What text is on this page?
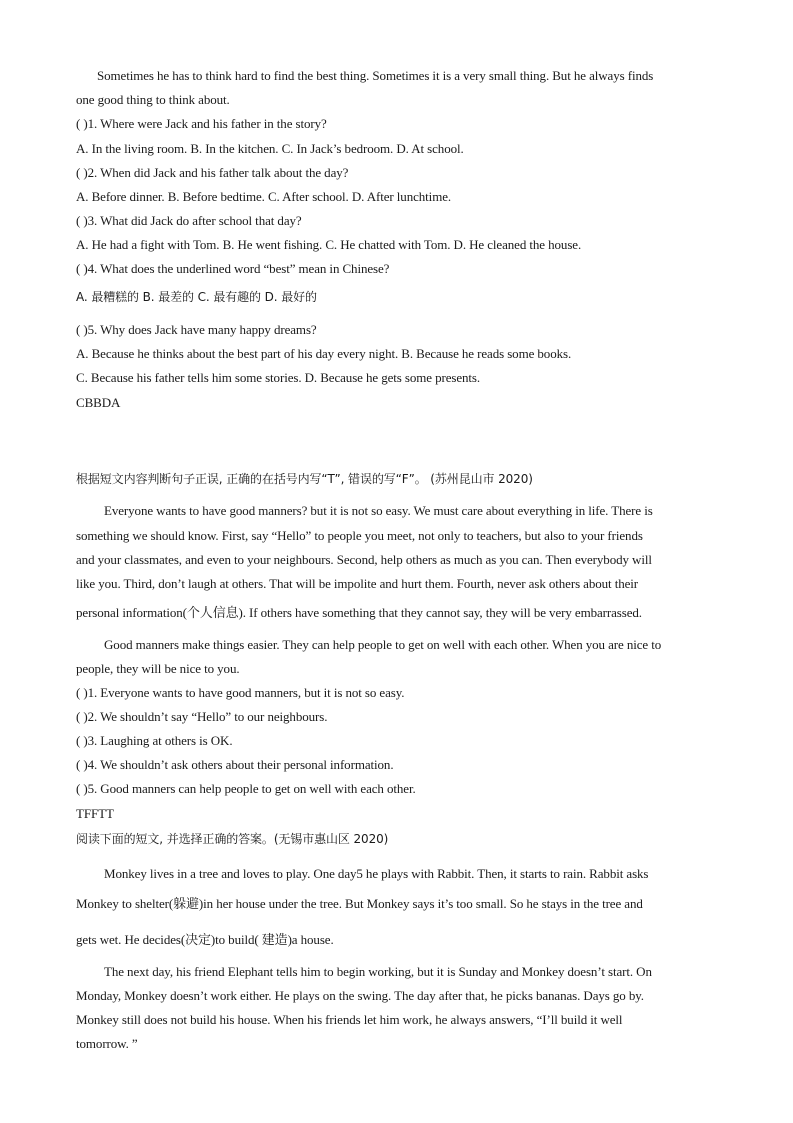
Sometimes he has to think hard to find the best thing. Sometimes it is a very small thing. But he always finds
one good thing to think about.
( )1. Where were Jack and his father in the story?
A. In the living room. B. In the kitchen. C. In Jack’s bedroom. D. At school.
( )2. When did Jack and his father talk about the day?
A. Before dinner. B. Before bedtime. C. After school. D. After lunchtime.
( )3. What did Jack do after school that day?
A. He had a fight with Tom. B. He went fishing. C. He chatted with Tom. D. He cleaned the house.
( )4. What does the underlined word “best” mean in Chinese?
A. 最糟糕的 B. 最差的 C. 最有趣的 D. 最好的
( )5. Why does Jack have many happy dreams?
A. Because he thinks about the best part of his day every night. B. Because he reads some books.
C. Because his father tells him some stories. D. Because he gets some presents.
CBBDA
根据短文内容判断句子正误, 正确的在括号内写“T”, 错误的写“F”。 (苏州昆山市 2020)
Everyone wants to have good manners? but it is not so easy. We must care about everything in life. There is
something we should know. First, say “Hello” to people you meet, not only to teachers, but also to your friends
and your classmates, and even to your neighbours. Second, help others as much as you can. Then everybody will
like you. Third, don’t laugh at others. That will be impolite and hurt them. Fourth, never ask others about their
personal information(个人信息). If others have something that they cannot say, they will be very embarrassed.
Good manners make things easier. They can help people to get on well with each other. When you are nice to
people, they will be nice to you.
( )1. Everyone wants to have good manners, but it is not so easy.
( )2. We shouldn’t say “Hello” to our neighbours.
( )3. Laughing at others is OK.
( )4. We shouldn’t ask others about their personal information.
( )5. Good manners can help people to get on well with each other.
TFFTT
阅读下面的短文, 并选择正确的答案。(无锡市惠山区 2020)
Monkey lives in a tree and loves to play. One day5 he plays with Rabbit. Then, it starts to rain. Rabbit asks
Monkey to shelter(躲避)in her house under the tree. But Monkey says it’s too small. So he stays in the tree and
gets wet. He decides(决定)to build( 建造)a house.
The next day, his friend Elephant tells him to begin working, but it is Sunday and Monkey doesn’t start. On
Monday, Monkey doesn’t work either. He plays on the swing. The day after that, he picks bananas. Days go by.
Monkey still does not build his house. When his friends let him work, he always answers, “I’ll build it well
tomorrow. ”
